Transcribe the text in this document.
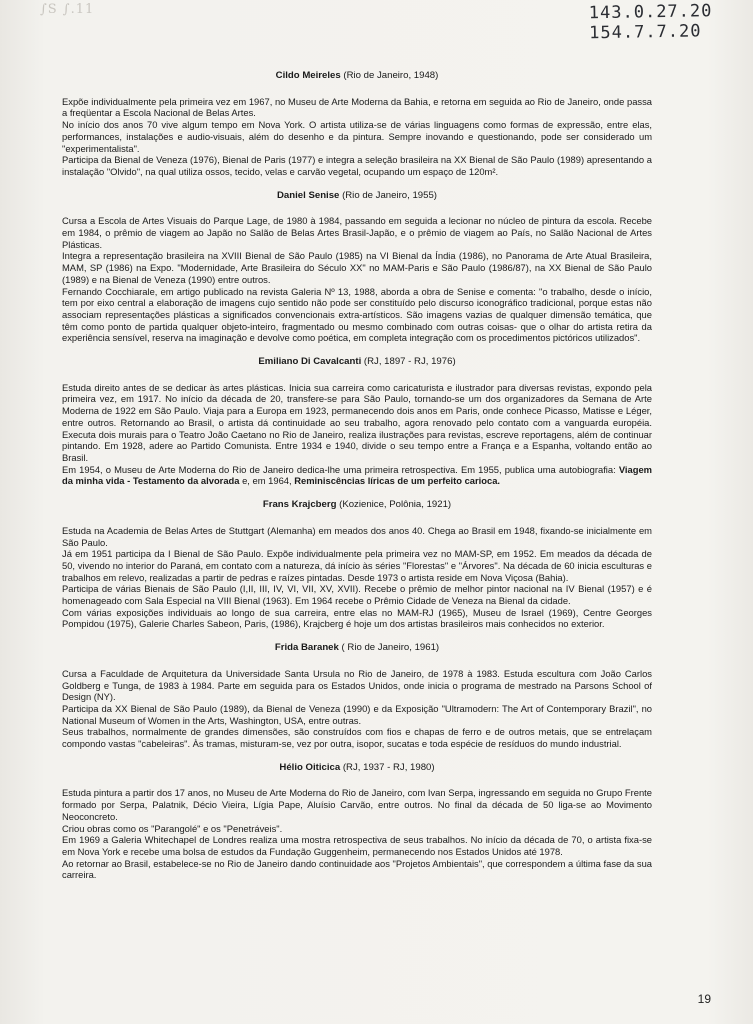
∫S ∫.11	143.0.27.20
154.7.7.20
Cildo Meireles (Rio de Janeiro, 1948)

Expõe individualmente pela primeira vez em 1967, no Museu de Arte Moderna da Bahia, e retorna em seguida ao Rio de Janeiro, onde passa a freqüentar a Escola Nacional de Belas Artes.

No início dos anos 70 vive algum tempo em Nova York. O artista utiliza-se de várias linguagens como formas de expressão, entre elas, performances, instalações e audio-visuais, além do desenho e da pintura. Sempre inovando e questionando, pode ser considerado um "experimentalista".

Participa da Bienal de Veneza (1976), Bienal de Paris (1977) e integra a seleção brasileira na XX Bienal de São Paulo (1989) apresentando a instalação "Olvido", na qual utiliza ossos, tecido, velas e carvão vegetal, ocupando um espaço de 120m².

Daniel Senise (Rio de Janeiro, 1955)

Cursa a Escola de Artes Visuais do Parque Lage, de 1980 à 1984, passando em seguida a lecionar no núcleo de pintura da escola. Recebe em 1984, o prêmio de viagem ao Japão no Salão de Belas Artes Brasil-Japão, e o prêmio de viagem ao País, no Salão Nacional de Artes Plásticas.

Integra a representação brasileira na XVIII Bienal de São Paulo (1985) na VI Bienal da Índia (1986), no Panorama de Arte Atual Brasileira, MAM, SP (1986) na Expo. "Modernidade, Arte Brasileira do Século XX" no MAM-Paris e São Paulo (1986/87), na XX Bienal de São Paulo (1989) e na Bienal de Veneza (1990) entre outros.

Fernando Cocchiarale, em artigo publicado na revista Galeria Nº 13, 1988, aborda a obra de Senise e comenta: "o trabalho, desde o início, tem por eixo central a elaboração de imagens cujo sentido não pode ser constituído pelo discurso iconográfico tradicional, porque estas não associam representações plásticas a significados convencionais extra-artísticos. São imagens vazias de qualquer dimensão temática, que têm como ponto de partida qualquer objeto-inteiro, fragmentado ou mesmo combinado com outras coisas- que o olhar do artista retira da experiência sensível, reserva na imaginação e devolve como poética, em completa integração com os procedimentos pictóricos utilizados".

Emiliano Di Cavalcanti (RJ, 1897 - RJ, 1976)

Estuda direito antes de se dedicar às artes plásticas. Inicia sua carreira como caricaturista e ilustrador para diversas revistas, expondo pela primeira vez, em 1917. No início da década de 20, transfere-se para São Paulo, tornando-se um dos organizadores da Semana de Arte Moderna de 1922 em São Paulo. Viaja para a Europa em 1923, permanecendo dois anos em Paris, onde conhece Picasso, Matisse e Léger, entre outros. Retornando ao Brasil, o artista dá continuidade ao seu trabalho, agora renovado pelo contato com a vanguarda européia. Executa dois murais para o Teatro João Caetano no Rio de Janeiro, realiza ilustrações para revistas, escreve reportagens, além de continuar pintando. Em 1928, adere ao Partido Comunista. Entre 1934 e 1940, divide o seu tempo entre a França e a Espanha, voltando então ao Brasil.

Em 1954, o Museu de Arte Moderna do Rio de Janeiro dedica-lhe uma primeira retrospectiva. Em 1955, publica uma autobiografia: Viagem da minha vida - Testamento da alvorada e, em 1964, Reminiscências líricas de um perfeito carioca.

Frans Krajcberg (Kozienice, Polônia, 1921)

Estuda na Academia de Belas Artes de Stuttgart (Alemanha) em meados dos anos 40. Chega ao Brasil em 1948, fixando-se inicialmente em São Paulo.

Já em 1951 participa da I Bienal de São Paulo. Expõe individualmente pela primeira vez no MAM-SP, em 1952. Em meados da década de 50, vivendo no interior do Paraná, em contato com a natureza, dá início às séries "Florestas" e "Árvores". Na década de 60 inicia esculturas e trabalhos em relevo, realizadas a partir de pedras e raízes pintadas. Desde 1973 o artista reside em Nova Viçosa (Bahia).

Participa de várias Bienais de São Paulo (I,II, III, IV, VI, VII, XV, XVII). Recebe o prêmio de melhor pintor nacional na IV Bienal (1957) e é homenageado com Sala Especial na VIII Bienal (1963). Em 1964 recebe o Prêmio Cidade de Veneza na Bienal da cidade.

Com várias exposições individuais ao longo de sua carreira, entre elas no MAM-RJ (1965), Museu de Israel (1969), Centre Georges Pompidou (1975), Galerie Charles Sabeon, Paris, (1986), Krajcberg é hoje um dos artistas brasileiros mais conhecidos no exterior.

Frida Baranek ( Rio de Janeiro, 1961)

Cursa a Faculdade de Arquitetura da Universidade Santa Ursula no Rio de Janeiro, de 1978 à 1983. Estuda escultura com João Carlos Goldberg e Tunga, de 1983 à 1984. Parte em seguida para os Estados Unidos, onde inicia o programa de mestrado na Parsons School of Design (NY).

Participa da XX Bienal de São Paulo (1989), da Bienal de Veneza (1990) e da Exposição "Ultramodern: The Art of Contemporary Brazil", no National Museum of Women in the Arts, Washington, USA, entre outras.

Seus trabalhos, normalmente de grandes dimensões, são construídos com fios e chapas de ferro e de outros metais, que se entrelaçam compondo vastas "cabeleiras". Às tramas, misturam-se, vez por outra, isopor, sucatas e toda espécie de resíduos do mundo industrial.

Hélio Oiticica (RJ, 1937 - RJ, 1980)

Estuda pintura a partir dos 17 anos, no Museu de Arte Moderna do Rio de Janeiro, com Ivan Serpa, ingressando em seguida no Grupo Frente formado por Serpa, Palatnik, Décio Vieira, Lígia Pape, Aluísio Carvão, entre outros. No final da década de 50 liga-se ao Movimento Neoconcreto.

Criou obras como os "Parangolé" e os "Penetráveis".

Em 1969 a Galeria Whitechapel de Londres realiza uma mostra retrospectiva de seus trabalhos. No início da década de 70, o artista fixa-se em Nova York e recebe uma bolsa de estudos da Fundação Guggenheim, permanecendo nos Estados Unidos até 1978.

Ao retornar ao Brasil, estabelece-se no Rio de Janeiro dando continuidade aos "Projetos Ambientais", que correspondem a última fase da sua carreira.

19
